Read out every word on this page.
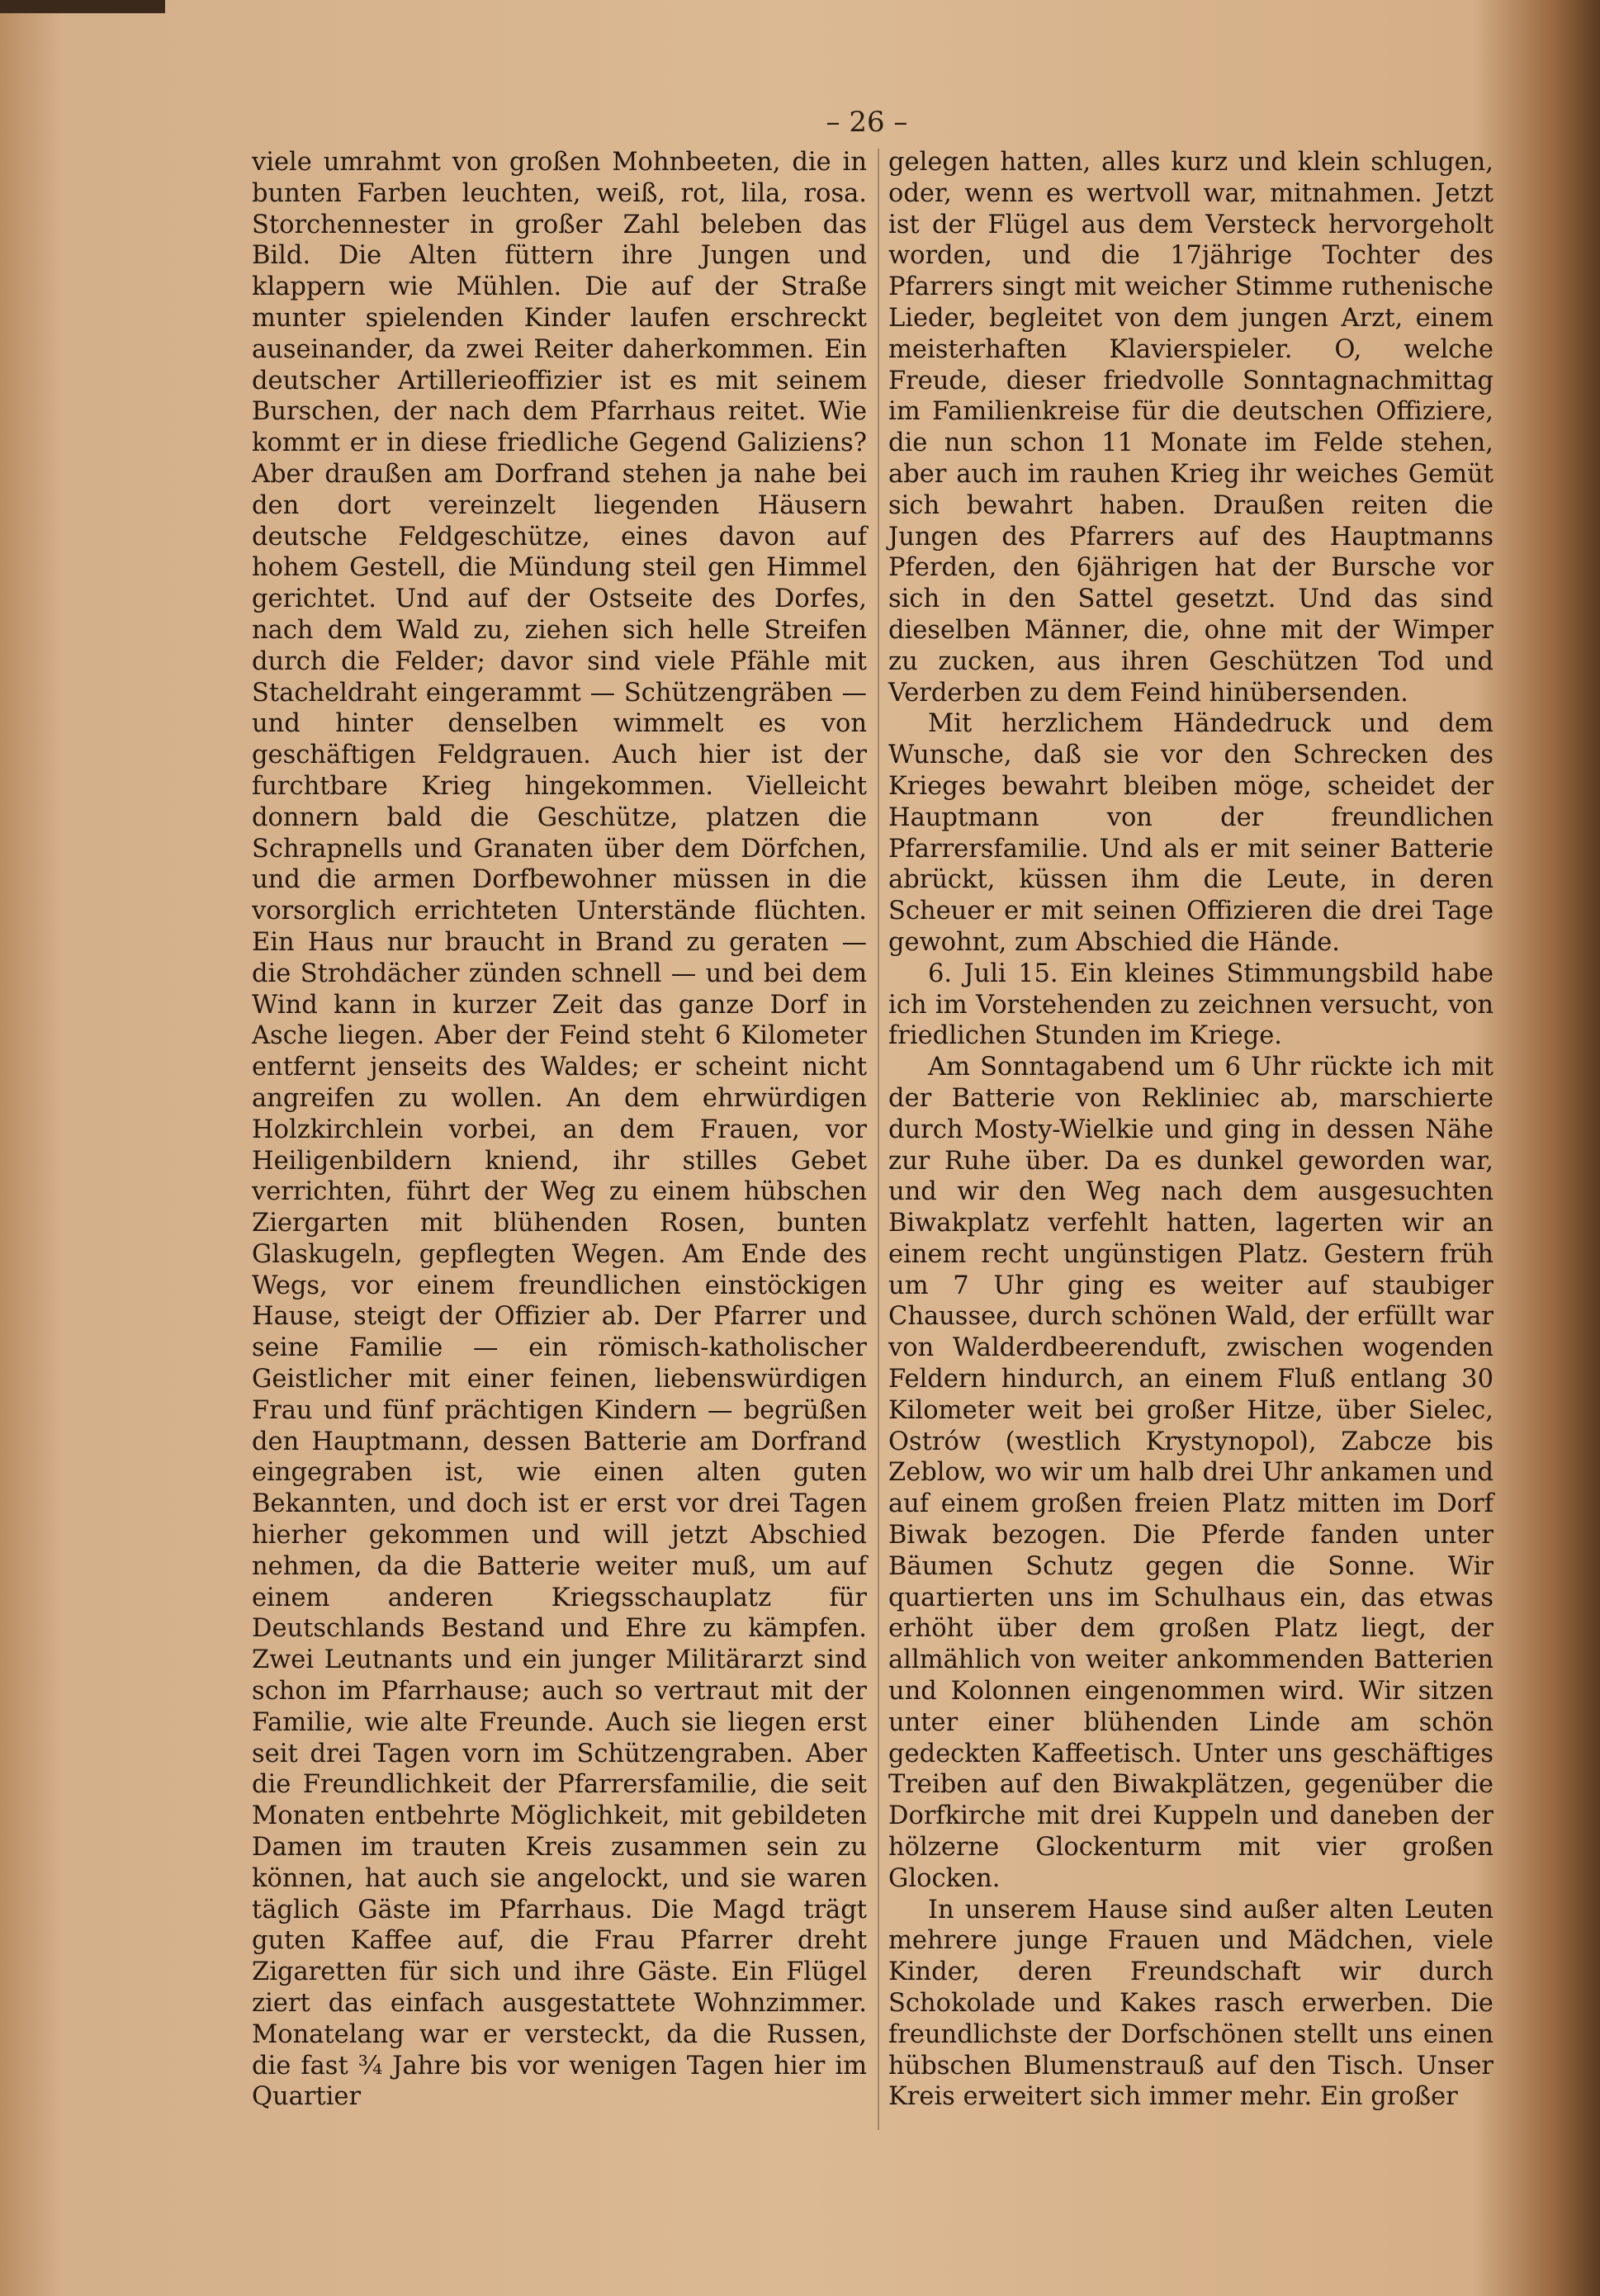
– 26 –

viele umrahmt von großen Mohnbeeten, die in bunten Farben leuchten, weiß, rot, lila, rosa. Storchennester in großer Zahl beleben das Bild. Die Alten füttern ihre Jungen und klappern wie Mühlen. Die auf der Straße munter spielenden Kinder laufen erschreckt auseinander, da zwei Reiter daherkommen. Ein deutscher Artillerieoffizier ist es mit seinem Burschen, der nach dem Pfarrhaus reitet. Wie kommt er in diese friedliche Gegend Galiziens? Aber draußen am Dorfrand stehen ja nahe bei den dort vereinzelt liegenden Häusern deutsche Feldgeschütze, eines davon auf hohem Gestell, die Mündung steil gen Himmel gerichtet. Und auf der Ostseite des Dorfes, nach dem Wald zu, ziehen sich helle Streifen durch die Felder; davor sind viele Pfähle mit Stacheldraht eingerammt — Schützengräben — und hinter denselben wimmelt es von geschäftigen Feldgrauen. Auch hier ist der furchtbare Krieg hingekommen. Vielleicht donnern bald die Geschütze, platzen die Schrapnells und Granaten über dem Dörfchen, und die armen Dorfbewohner müssen in die vorsorglich errichteten Unterstände flüchten. Ein Haus nur braucht in Brand zu geraten — die Strohdächer zünden schnell — und bei dem Wind kann in kurzer Zeit das ganze Dorf in Asche liegen. Aber der Feind steht 6 Kilometer entfernt jenseits des Waldes; er scheint nicht angreifen zu wollen. An dem ehrwürdigen Holzkirchlein vorbei, an dem Frauen, vor Heiligenbildern kniend, ihr stilles Gebet verrichten, führt der Weg zu einem hübschen Ziergarten mit blühenden Rosen, bunten Glaskugeln, gepflegten Wegen. Am Ende des Wegs, vor einem freundlichen einstöckigen Hause, steigt der Offizier ab. Der Pfarrer und seine Familie — ein römisch-katholischer Geistlicher mit einer feinen, liebenswürdigen Frau und fünf prächtigen Kindern — begrüßen den Hauptmann, dessen Batterie am Dorfrand eingegraben ist, wie einen alten guten Bekannten, und doch ist er erst vor drei Tagen hierher gekommen und will jetzt Abschied nehmen, da die Batterie weiter muß, um auf einem anderen Kriegsschauplatz für Deutschlands Bestand und Ehre zu kämpfen. Zwei Leutnants und ein junger Militärarzt sind schon im Pfarrhause; auch so vertraut mit der Familie, wie alte Freunde. Auch sie liegen erst seit drei Tagen vorn im Schützengraben. Aber die Freundlichkeit der Pfarrersfamilie, die seit Monaten entbehrte Möglichkeit, mit gebildeten Damen im trauten Kreis zusammen sein zu können, hat auch sie angelockt, und sie waren täglich Gäste im Pfarrhaus. Die Magd trägt guten Kaffee auf, die Frau Pfarrer dreht Zigaretten für sich und ihre Gäste. Ein Flügel ziert das einfach ausgestattete Wohnzimmer. Monatelang war er versteckt, da die Russen, die fast ¾ Jahre bis vor wenigen Tagen hier im Quartier

gelegen hatten, alles kurz und klein schlugen, oder, wenn es wertvoll war, mitnahmen. Jetzt ist der Flügel aus dem Versteck hervorgeholt worden, und die 17jährige Tochter des Pfarrers singt mit weicher Stimme ruthenische Lieder, begleitet von dem jungen Arzt, einem meisterhaften Klavierspieler. O, welche Freude, dieser friedvolle Sonntagnachmittag im Familienkreise für die deutschen Offiziere, die nun schon 11 Monate im Felde stehen, aber auch im rauhen Krieg ihr weiches Gemüt sich bewahrt haben. Draußen reiten die Jungen des Pfarrers auf des Hauptmanns Pferden, den 6jährigen hat der Bursche vor sich in den Sattel gesetzt. Und das sind dieselben Männer, die, ohne mit der Wimper zu zucken, aus ihren Geschützen Tod und Verderben zu dem Feind hinübersenden.

Mit herzlichem Händedruck und dem Wunsche, daß sie vor den Schrecken des Krieges bewahrt bleiben möge, scheidet der Hauptmann von der freundlichen Pfarrersfamilie. Und als er mit seiner Batterie abrückt, küssen ihm die Leute, in deren Scheuer er mit seinen Offizieren die drei Tage gewohnt, zum Abschied die Hände.

6. Juli 15. Ein kleines Stimmungsbild habe ich im Vorstehenden zu zeichnen versucht, von friedlichen Stunden im Kriege.

Am Sonntagabend um 6 Uhr rückte ich mit der Batterie von Rekliniec ab, marschierte durch Mosty-Wielkie und ging in dessen Nähe zur Ruhe über. Da es dunkel geworden war, und wir den Weg nach dem ausgesuchten Biwakplatz verfehlt hatten, lagerten wir an einem recht ungünstigen Platz. Gestern früh um 7 Uhr ging es weiter auf staubiger Chaussee, durch schönen Wald, der erfüllt war von Walderdbeerenduft, zwischen wogenden Feldern hindurch, an einem Fluß entlang 30 Kilometer weit bei großer Hitze, über Sielec, Ostrów (westlich Krystynopol), Zabcze bis Zeblow, wo wir um halb drei Uhr ankamen und auf einem großen freien Platz mitten im Dorf Biwak bezogen. Die Pferde fanden unter Bäumen Schutz gegen die Sonne. Wir quartierten uns im Schulhaus ein, das etwas erhöht über dem großen Platz liegt, der allmählich von weiter ankommenden Batterien und Kolonnen eingenommen wird. Wir sitzen unter einer blühenden Linde am schön gedeckten Kaffeetisch. Unter uns geschäftiges Treiben auf den Biwakplätzen, gegenüber die Dorfkirche mit drei Kuppeln und daneben der hölzerne Glockenturm mit vier großen Glocken.

In unserem Hause sind außer alten Leuten mehrere junge Frauen und Mädchen, viele Kinder, deren Freundschaft wir durch Schokolade und Kakes rasch erwerben. Die freundlichste der Dorfschönen stellt uns einen hübschen Blumenstrauß auf den Tisch. Unser Kreis erweitert sich immer mehr. Ein großer
